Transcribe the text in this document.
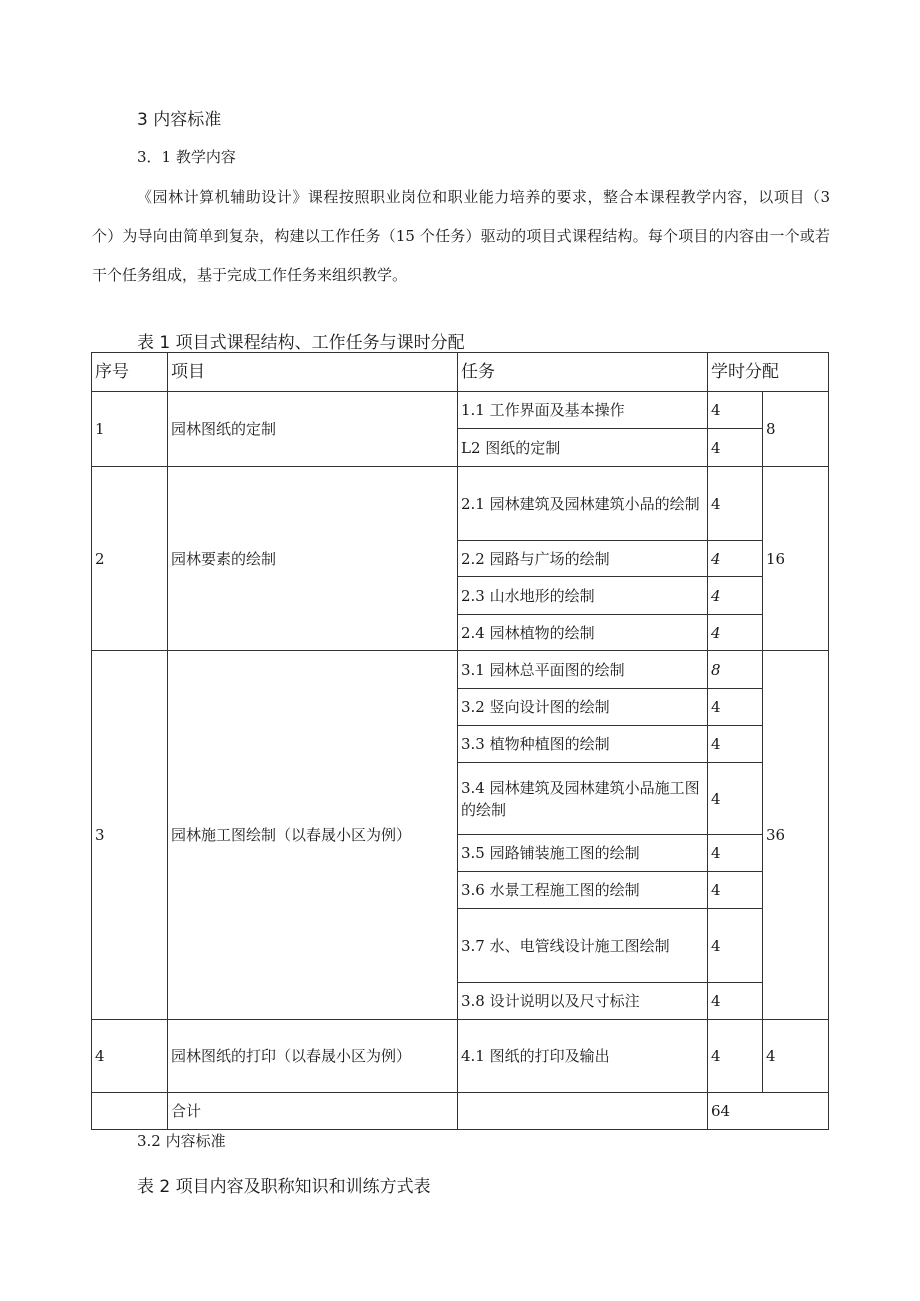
3 内容标准
3．1 教学内容
《园林计算机辅助设计》课程按照职业岗位和职业能力培养的要求，整合本课程教学内容，以项目（3 个）为导向由简单到复杂，构建以工作任务（15 个任务）驱动的项目式课程结构。每个项目的内容由一个或若干个任务组成，基于完成工作任务来组织教学。
表 1 项目式课程结构、工作任务与课时分配
序号	项目	任务	学时分配	
1	园林图纸的定制	1.1 工作界面及基本操作	4	8
		L2 图纸的定制	4	
2	园林要素的绘制	2.1 园林建筑及园林建筑小品的绘制	4	16
		2.2 园路与广场的绘制	4	
		2.3 山水地形的绘制	4	
		2.4 园林植物的绘制	4	
3	园林施工图绘制（以春晟小区为例）	3.1 园林总平面图的绘制	8	36
		3.2 竖向设计图的绘制	4	
		3.3 植物种植图的绘制	4	
		3.4 园林建筑及园林建筑小品施工图的绘制	4	
		3.5 园路铺装施工图的绘制	4	
		3.6 水景工程施工图的绘制	4	
		3.7 水、电管线设计施工图绘制	4	
		3.8 设计说明以及尺寸标注	4	
4	园林图纸的打印（以春晟小区为例）	4.1 图纸的打印及输出	4	4
	合计		64	
3.2 内容标准
表 2 项目内容及职称知识和训练方式表
